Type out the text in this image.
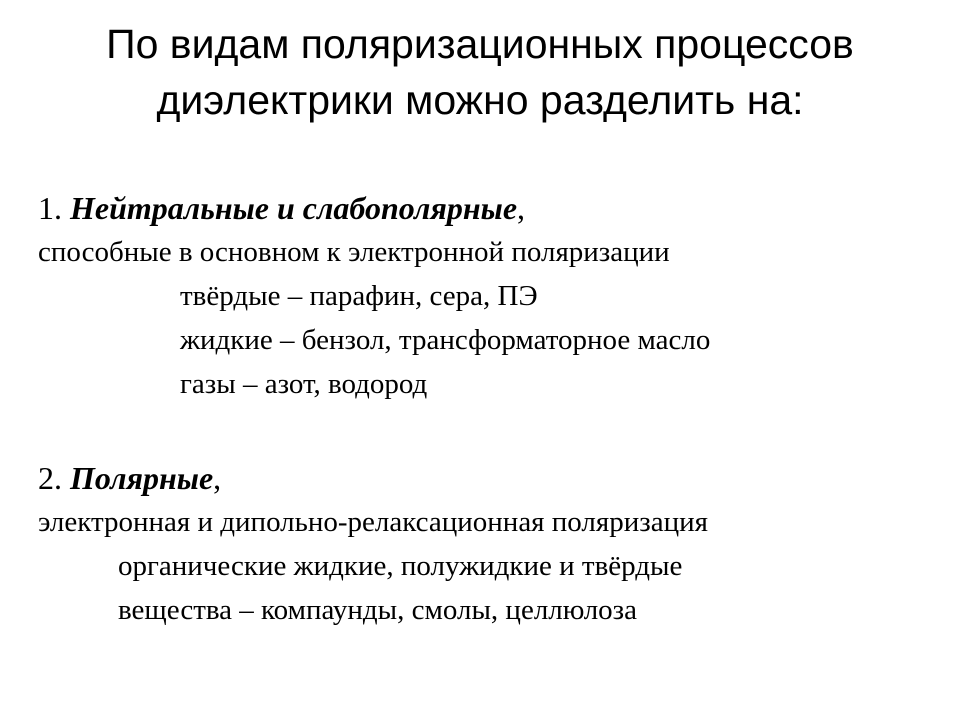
По видам поляризационных процессов
диэлектрики можно разделить на:
1. Нейтральные и слабополярные,
способные в основном к электронной поляризации
твёрдые – парафин, сера, ПЭ
жидкие – бензол, трансформаторное масло
газы – азот, водород
2. Полярные,
электронная и дипольно-релаксационная поляризация
органические жидкие, полужидкие и твёрдые
вещества – компаунды, смолы, целлюлоза
